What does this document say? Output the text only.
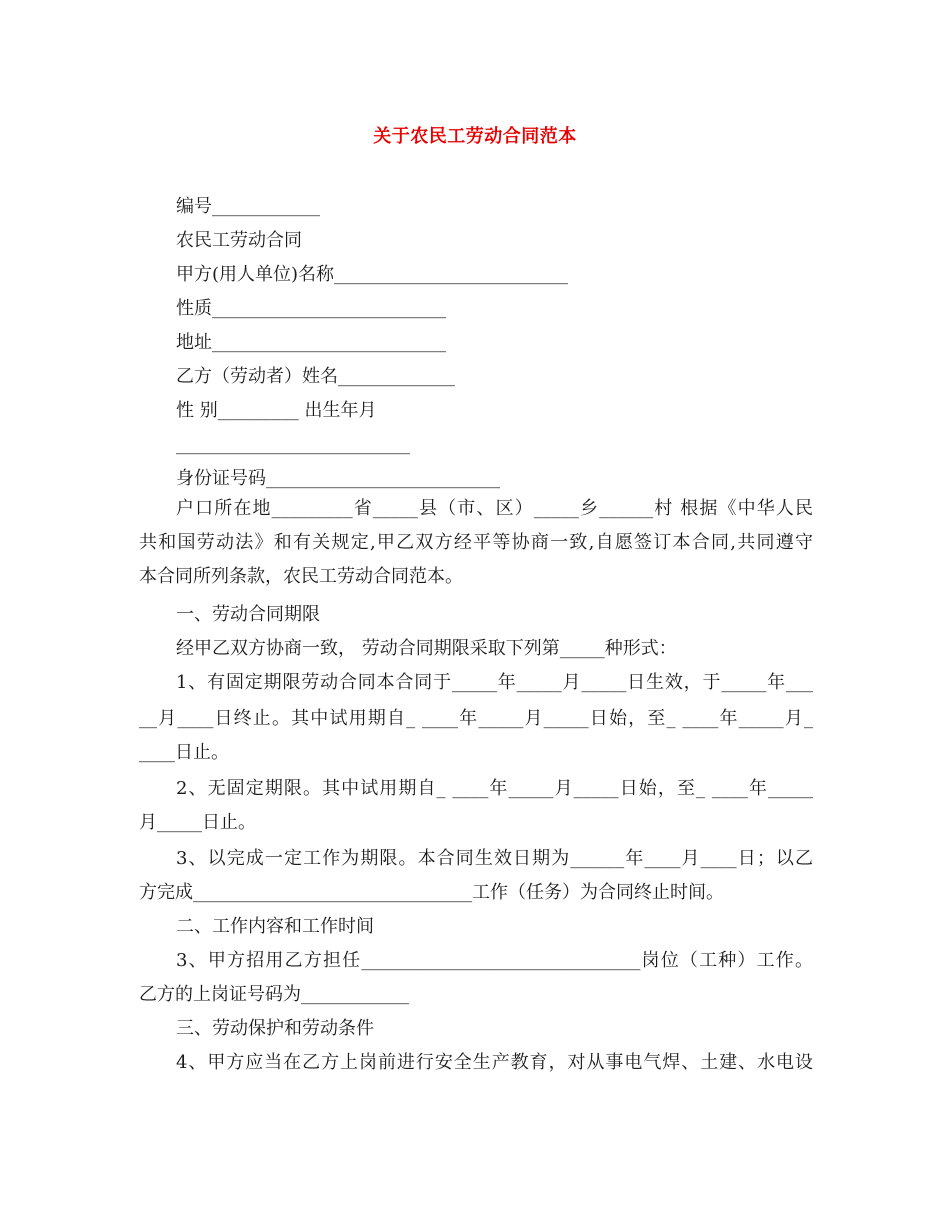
关于农民工劳动合同范本
编号____________
农民工劳动合同
甲方(用人单位)名称__________________________
性质__________________________
地址__________________________
乙方（劳动者）姓名_____________
性 别_________ 出生年月
__________________________
身份证号码__________________________
户口所在地_________省_____县（市、区）_____乡______村 根据《中华人民
共和国劳动法》和有关规定,甲乙双方经平等协商一致,自愿签订本合同,共同遵守
本合同所列条款，农民工劳动合同范本。
一、劳动合同期限
经甲乙双方协商一致， 劳动合同期限采取下列第_____种形式：
1、有固定期限劳动合同本合同于_____年_____月_____日生效，于_____年___
__月____日终止。其中试用期自_ ____年_____月_____日始，至_ ____年_____月_
____日止。
2、无固定期限。其中试用期自_ ____年_____月_____日始，至_ ____年_____
月_____日止。
3、以完成一定工作为期限。本合同生效日期为______年____月____日；以乙
方完成_______________________________工作（任务）为合同终止时间。
二、工作内容和工作时间
3、甲方招用乙方担任_______________________________岗位（工种）工作。
乙方的上岗证号码为____________
三、劳动保护和劳动条件
4、甲方应当在乙方上岗前进行安全生产教育，对从事电气焊、土建、水电设
